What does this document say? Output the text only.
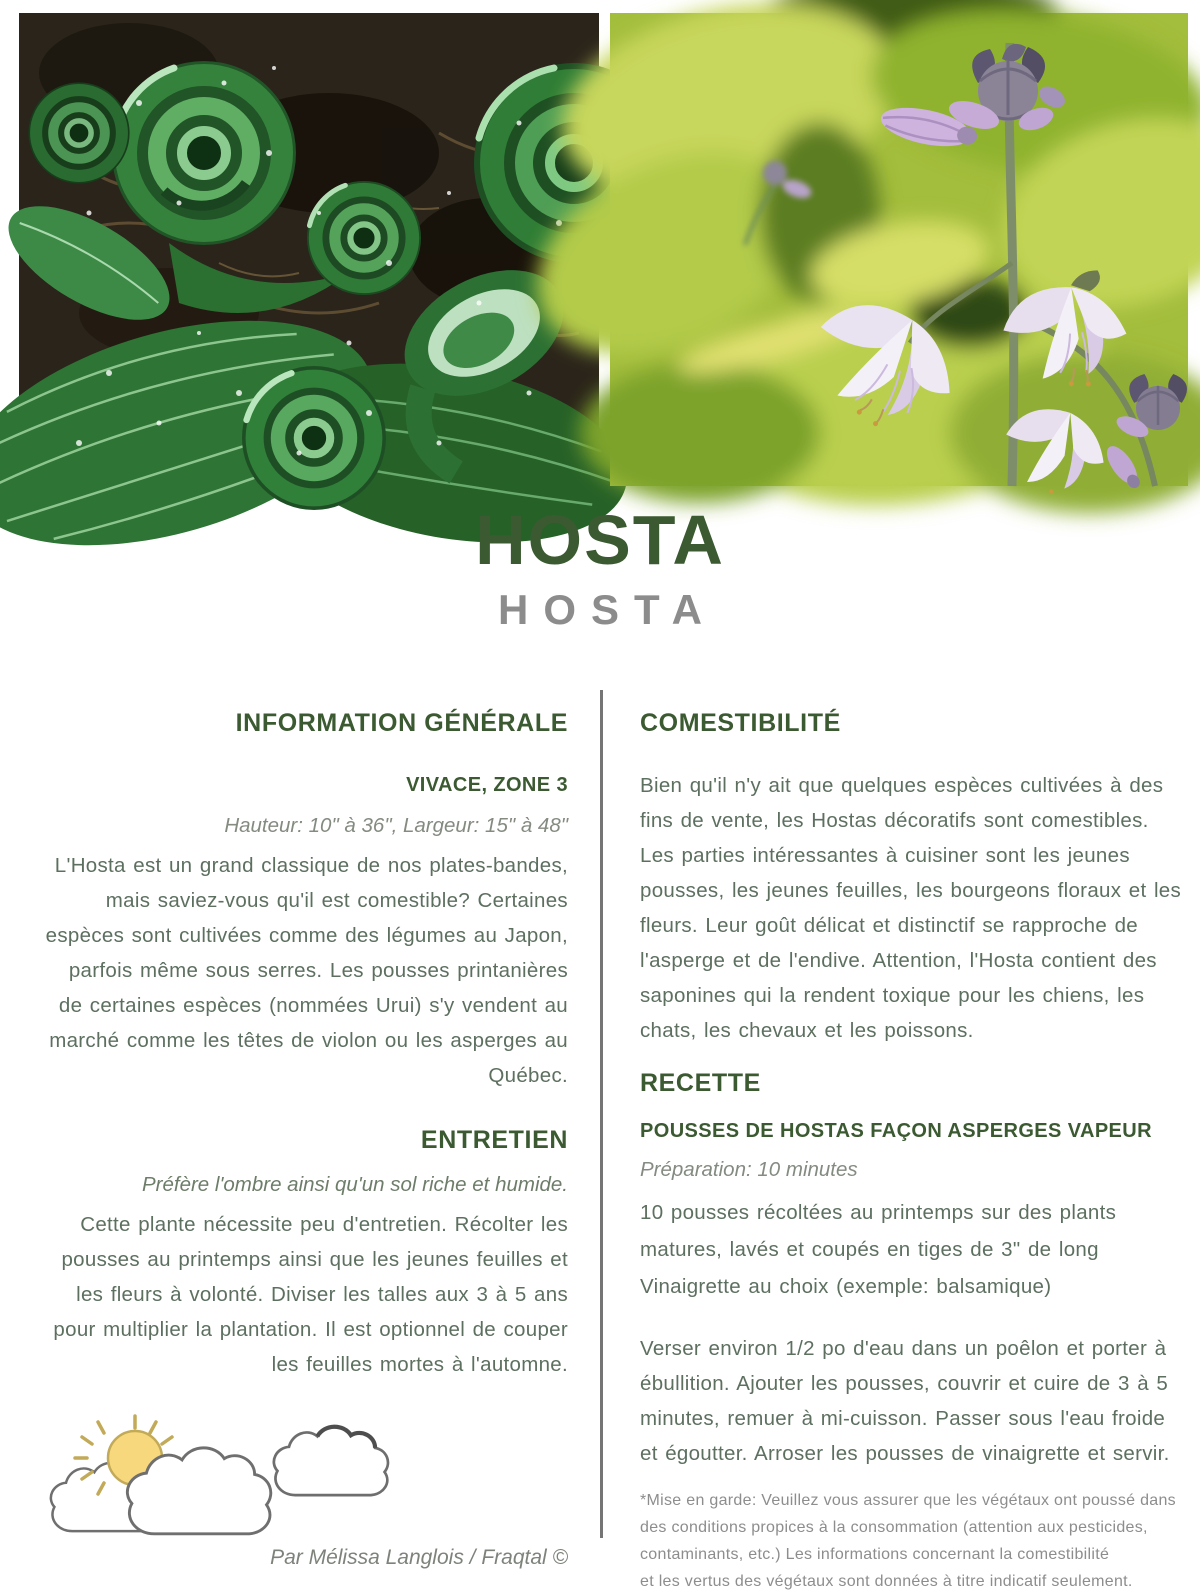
HOSTA
HOSTA
INFORMATION GÉNÉRALE
VIVACE, ZONE 3
Hauteur: 10" à 36", Largeur: 15" à 48"

L'Hosta est un grand classique de nos plates-bandes, mais saviez-vous qu'il est comestible? Certaines espèces sont cultivées comme des légumes au Japon, parfois même sous serres. Les pousses printanières de certaines espèces (nommées Urui) s'y vendent au marché comme les têtes de violon ou les asperges au Québec.

ENTRETIEN
Préfère l'ombre ainsi qu'un sol riche et humide.

Cette plante nécessite peu d'entretien. Récolter les pousses au printemps ainsi que les jeunes feuilles et les fleurs à volonté. Diviser les talles aux 3 à 5 ans pour multiplier la plantation. Il est optionnel de couper les feuilles mortes à l'automne.

Par Mélissa Langlois / Fraqtal ©
COMESTIBILITÉ

Bien qu'il n'y ait que quelques espèces cultivées à des fins de vente, les Hostas décoratifs sont comestibles. Les parties intéressantes à cuisiner sont les jeunes pousses, les jeunes feuilles, les bourgeons floraux et les fleurs. Leur goût délicat et distinctif se rapproche de l'asperge et de l'endive. Attention, l'Hosta contient des saponines qui la rendent toxique pour les chiens, les chats, les chevaux et les poissons.

RECETTE
POUSSES DE HOSTAS FAÇON ASPERGES VAPEUR
Préparation: 10 minutes
10 pousses récoltées au printemps sur des plants matures, lavés et coupés en tiges de 3" de long
Vinaigrette au choix (exemple: balsamique)

Verser environ 1/2 po d'eau dans un poêlon et porter à ébullition. Ajouter les pousses, couvrir et cuire de 3 à 5 minutes, remuer à mi-cuisson. Passer sous l'eau froide et égoutter. Arroser les pousses de vinaigrette et servir.

*Mise en garde: Veuillez vous assurer que les végétaux ont poussé dans
des conditions propices à la consommation (attention aux pesticides,
contaminants, etc.) Les informations concernant la comestibilité
et les vertus des végétaux sont données à titre indicatif seulement.
